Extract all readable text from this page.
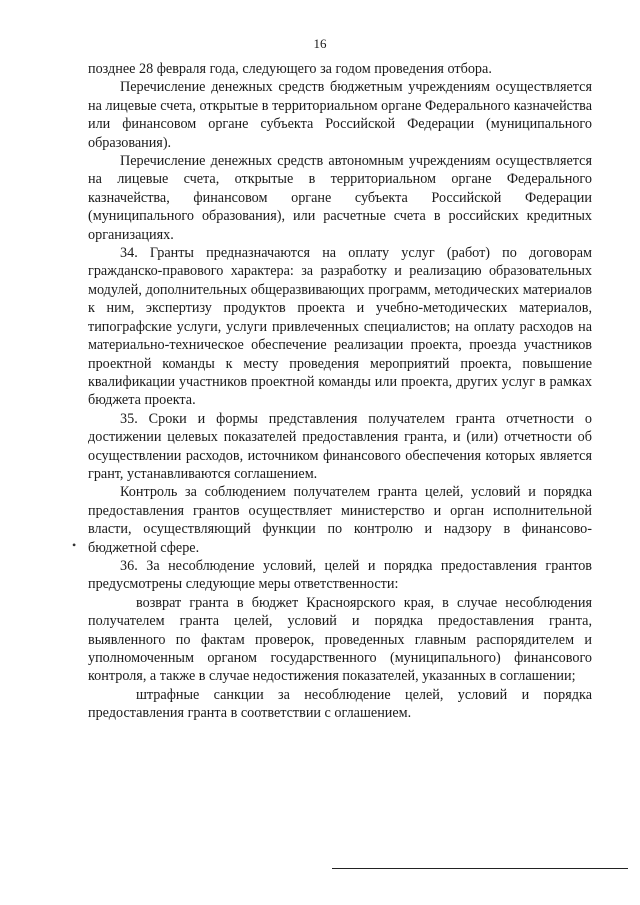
16
•

позднее 28 февраля года, следующего за годом проведения отбора.

Перечисление денежных средств бюджетным учреждениям осуществляется на лицевые счета, открытые в территориальном органе Федерального казначейства или финансовом органе субъекта Российской Федерации (муниципального образования).

Перечисление денежных средств автономным учреждениям осуществляется на лицевые счета, открытые в территориальном органе Федерального казначейства, финансовом органе субъекта Российской Федерации (муниципального образования), или расчетные счета в российских кредитных организациях.

34. Гранты предназначаются на оплату услуг (работ) по договорам гражданско-правового характера: за разработку и реализацию образовательных модулей, дополнительных общеразвивающих программ, методических материалов к ним, экспертизу продуктов проекта и учебно-методических материалов, типографские услуги, услуги привлеченных специалистов; на оплату расходов на материально-техническое обеспечение реализации проекта, проезда участников проектной команды к месту проведения мероприятий проекта, повышение квалификации участников проектной команды или проекта, других услуг в рамках бюджета проекта.

35. Сроки и формы представления получателем гранта отчетности о достижении целевых показателей предоставления гранта, и (или) отчетности об осуществлении расходов, источником финансового обеспечения которых является грант, устанавливаются соглашением.

Контроль за соблюдением получателем гранта целей, условий и порядка предоставления грантов осуществляет министерство и орган исполнительной власти, осуществляющий функции по контролю и надзору в финансово-бюджетной сфере.

36. За несоблюдение условий, целей и порядка предоставления грантов предусмотрены следующие меры ответственности:

возврат гранта в бюджет Красноярского края, в случае несоблюдения получателем гранта целей, условий и порядка предоставления гранта, выявленного по фактам проверок, проведенных главным распорядителем и уполномоченным органом государственного (муниципального) финансового контроля, а также в случае недостижения показателей, указанных в соглашении;

штрафные санкции за несоблюдение целей, условий и порядка предоставления гранта в соответствии с оглашением.
